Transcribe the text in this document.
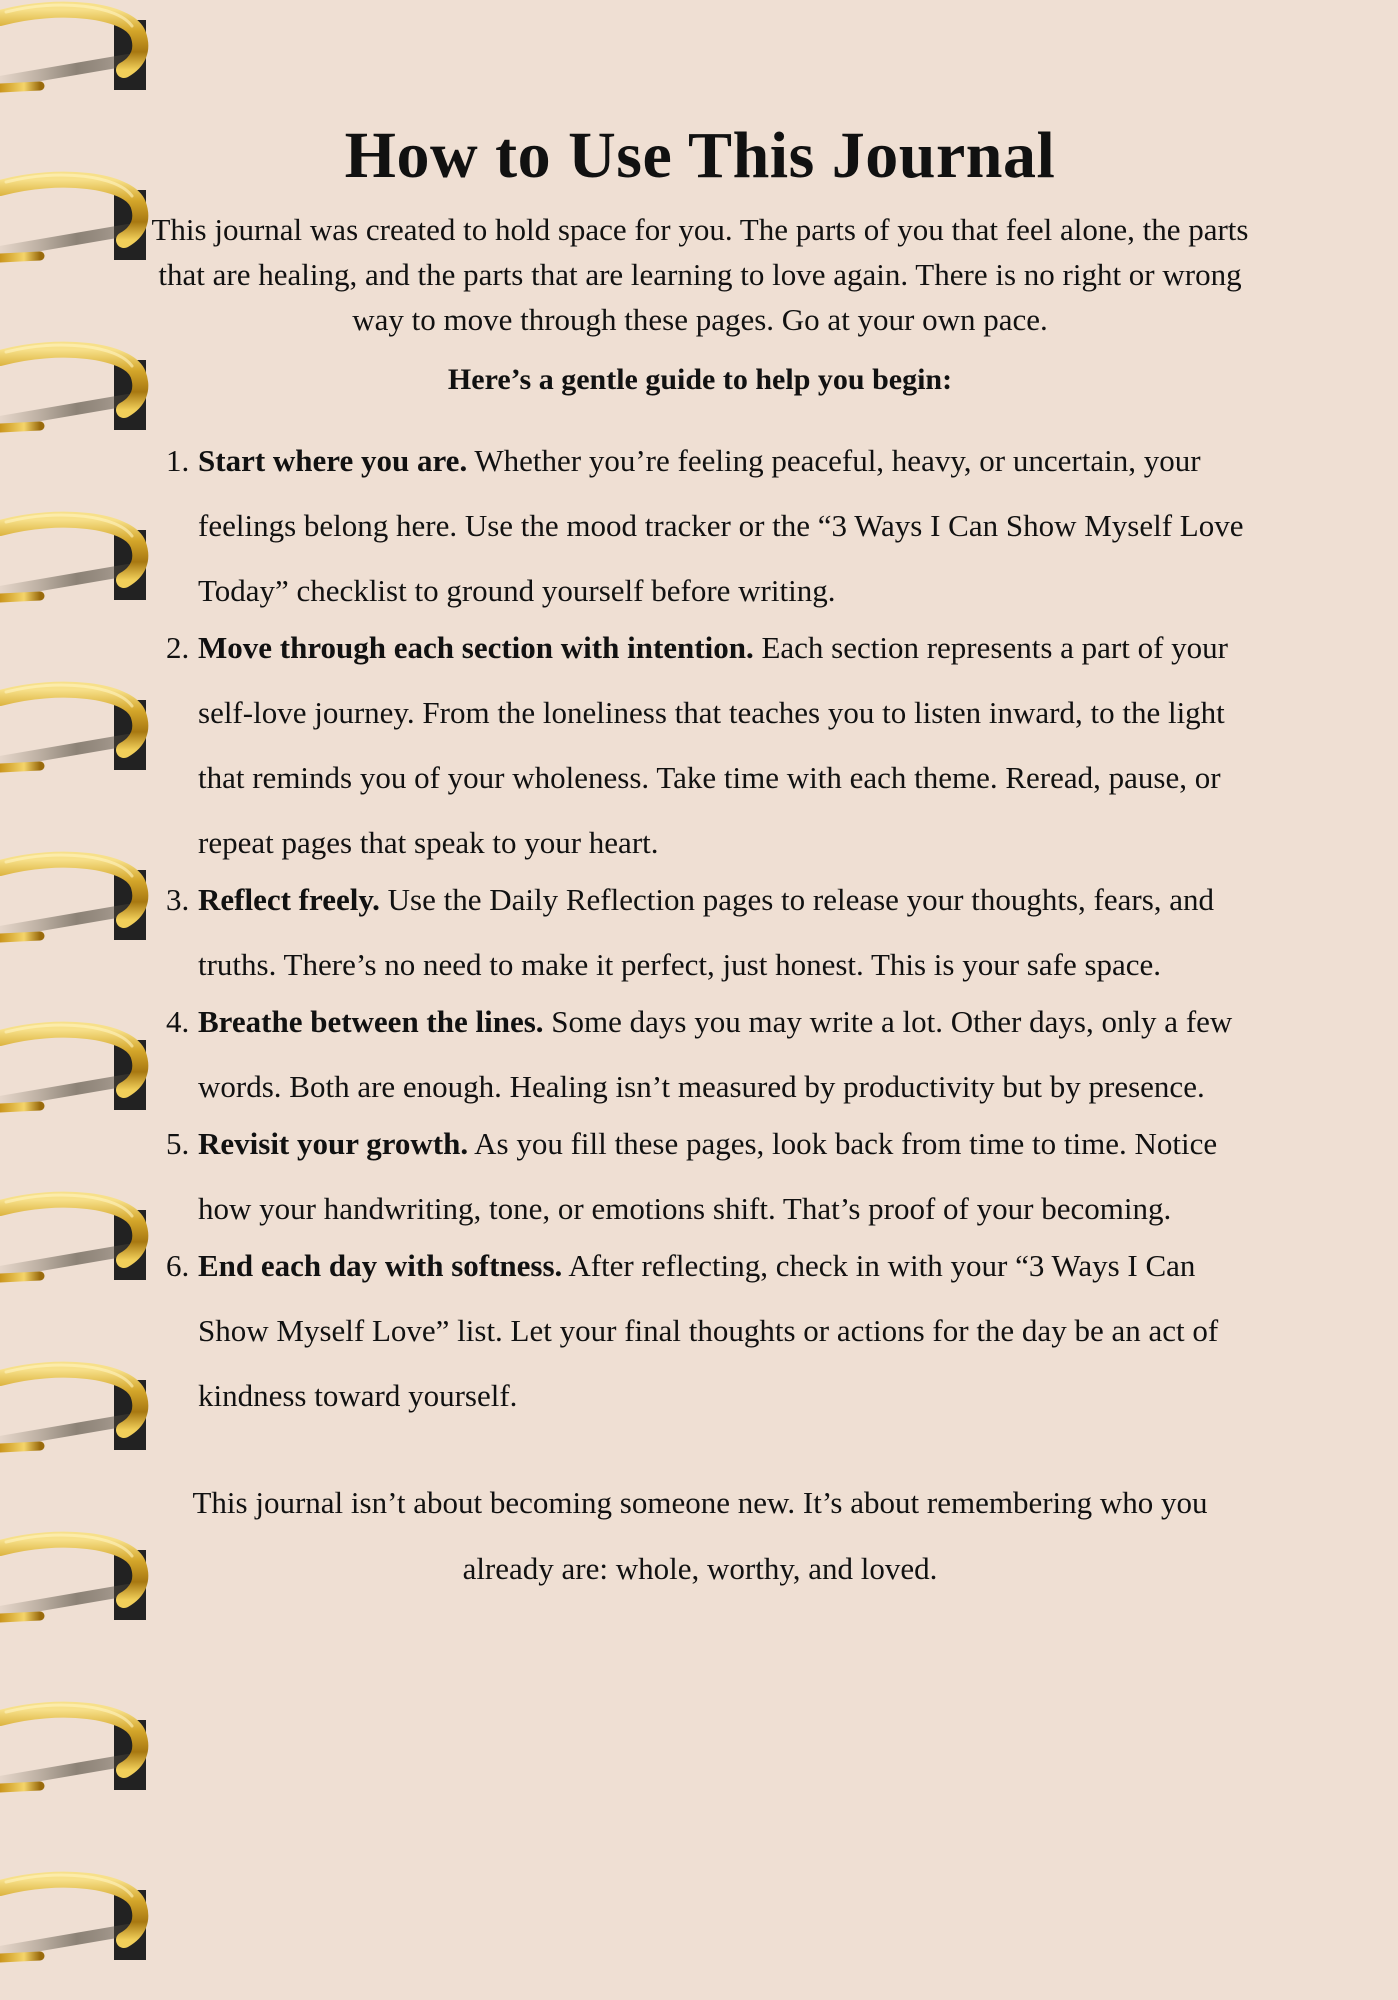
How to Use This Journal

This journal was created to hold space for you. The parts of you that feel alone, the parts that are healing, and the parts that are learning to love again. There is no right or wrong way to move through these pages. Go at your own pace.

Here’s a gentle guide to help you begin:
1. Start where you are. Whether you’re feeling peaceful, heavy, or uncertain, your feelings belong here. Use the mood tracker or the “3 Ways I Can Show Myself Love Today” checklist to ground yourself before writing.
2. Move through each section with intention. Each section represents a part of your self-love journey. From the loneliness that teaches you to listen inward, to the light that reminds you of your wholeness. Take time with each theme. Reread, pause, or repeat pages that speak to your heart.
3. Reflect freely. Use the Daily Reflection pages to release your thoughts, fears, and truths. There’s no need to make it perfect, just honest. This is your safe space.
4. Breathe between the lines. Some days you may write a lot. Other days, only a few words. Both are enough. Healing isn’t measured by productivity but by presence.
5. Revisit your growth. As you fill these pages, look back from time to time. Notice how your handwriting, tone, or emotions shift. That’s proof of your becoming.
6. End each day with softness. After reflecting, check in with your “3 Ways I Can Show Myself Love” list. Let your final thoughts or actions for the day be an act of kindness toward yourself.

This journal isn’t about becoming someone new. It’s about remembering who you already are: whole, worthy, and loved.
